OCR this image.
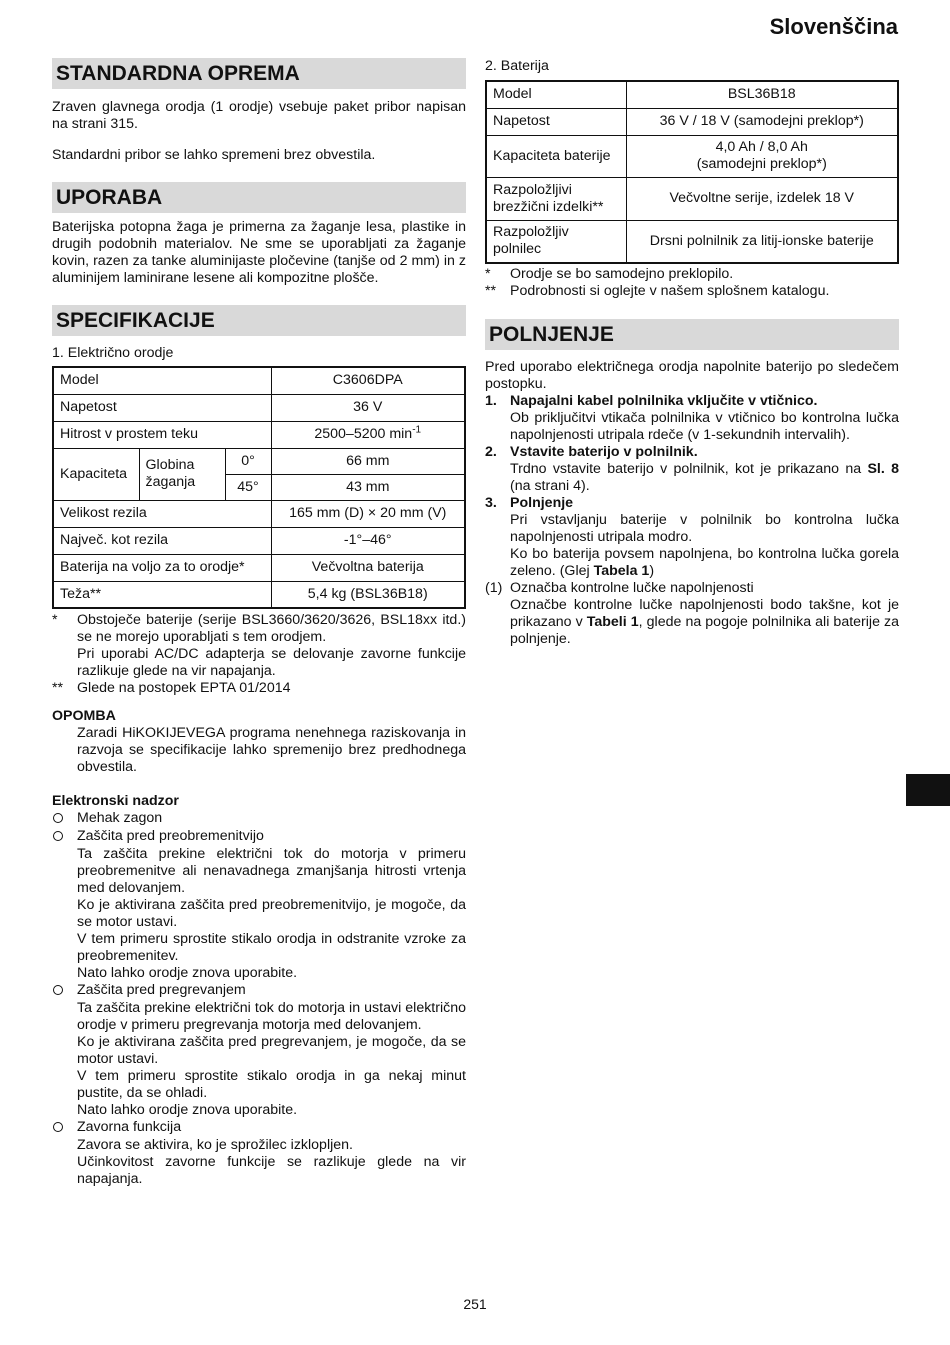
Slovenščina
STANDARDNA OPREMA

Zraven glavnega orodja (1 orodje) vsebuje paket pribor napisan na strani 315.

Standardni pribor se lahko spremeni brez obvestila.

UPORABA

Baterijska potopna žaga je primerna za žaganje lesa, plastike in drugih podobnih materialov. Ne sme se uporabljati za žaganje kovin, razen za tanke aluminijaste pločevine (tanjše od 2 mm) in z aluminijem laminirane lesene ali kompozitne plošče.

SPECIFIKACIJE

1. Električno orodje

Model			C3606DPA
Napetost			36 V
Hitrost v prostem teku			2500–5200 $\min^{-1}$
Kapaciteta	Globina žaganja	0°	66 mm
		45°	43 mm
Velikost rezila			165 mm (D) × 20 mm (V)
Največ. kot rezila			-1°–46°
Baterija na voljo za to orodje*			Večvoltna baterija
Teža**			5,4 kg (BSL36B18)
*	Obstoječe baterije (serije BSL3660/3620/3626, BSL18xx itd.) se ne morejo uporabljati s tem orodjem.

Pri uporabi AC/DC adapterja se delovanje zavorne funkcije razlikuje glede na vir napajanja.

** Glede na postopek EPTA 01/2014

OPOMBA

Zaradi HiKOKIJEVEGA programa nenehnega raziskovanja in razvoja se specifikacije lahko spremenijo brez predhodnega obvestila.

Elektronski nadzor

Mehak zagon
Zaščita pred preobremenitvijo

Ta zaščita prekine električni tok do motorja v primeru preobremenitve ali nenavadnega zmanjšanja hitrosti vrtenja med delovanjem.

Ko je aktivirana zaščita pred preobremenitvijo, je mogoče, da se motor ustavi.

V tem primeru sprostite stikalo orodja in odstranite vzroke za preobremenitev.

Nato lahko orodje znova uporabite.

Zaščita pred pregrevanjem

Ta zaščita prekine električni tok do motorja in ustavi električno orodje v primeru pregrevanja motorja med delovanjem.

Ko je aktivirana zaščita pred pregrevanjem, je mogoče, da se motor ustavi.

V tem primeru sprostite stikalo orodja in ga nekaj minut pustite, da se ohladi.

Nato lahko orodje znova uporabite.

Zavorna funkcija

Zavora se aktivira, ko je sprožilec izklopljen.

Učinkovitost zavorne funkcije se razlikuje glede na vir napajanja.

2. Baterija

Model	BSL36B18
Napetost	36 V / 18 V (samodejni preklop*)
Kapaciteta baterije	4,0 Ah / 8,0 Ah
(samodejni preklop*)

Razpoložljivi brezžični izdelki**	Večvoltne serije, izdelek 18 V
Razpoložljiv polnilec	Drsni polnilnik za litij-ionske baterije
*	Orodje se bo samodejno preklopilo.
** Podrobnosti si oglejte v našem splošnem katalogu.
POLNJENJE

Pred uporabo električnega orodja napolnite baterijo po sledečem postopku.

1. Napajalni kabel polnilnika vključite v vtičnico.

Ob priključitvi vtikača polnilnika v vtičnico bo kontrolna lučka napolnjenosti utripala rdeče (v 1-sekundnih intervalih).

2. Vstavite baterijo v polnilnik.

Trdno vstavite baterijo v polnilnik, kot je prikazano na Sl. 8 (na strani 4).

3. Polnjenje

Pri vstavljanju baterije v polnilnik bo kontrolna lučka napolnjenosti utripala modro.

Ko bo baterija povsem napolnjena, bo kontrolna lučka gorela zeleno. (Glej Tabela 1)

(1) Označba kontrolne lučke napolnjenosti

Označbe kontrolne lučke napolnjenosti bodo takšne, kot je prikazano v Tabeli 1, glede na pogoje polnilnika ali baterije za polnjenje.

251
